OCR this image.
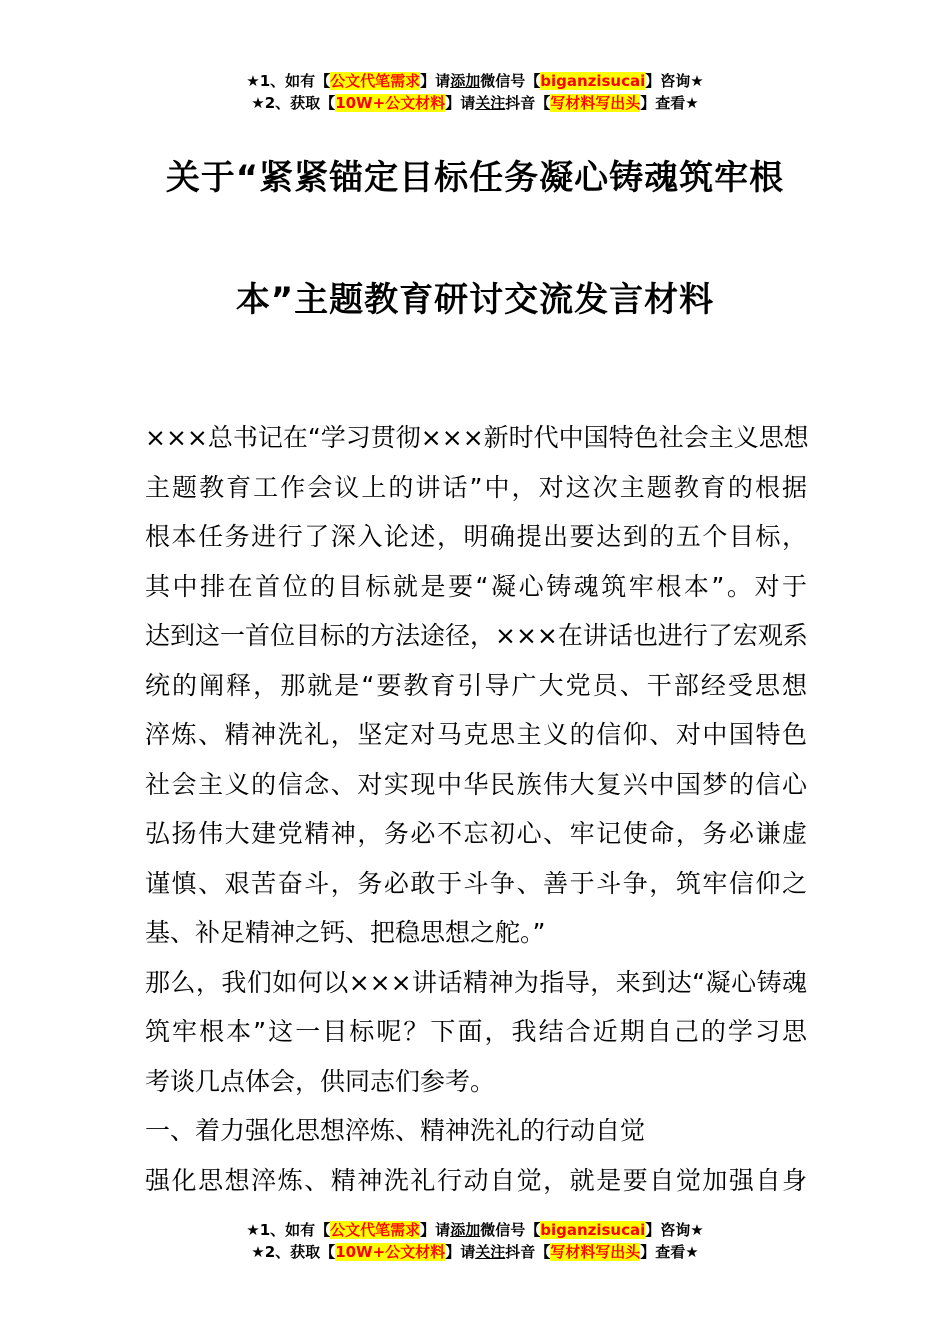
★1、如有【公文代笔需求】请添加微信号【biganzisucai】咨询★
★2、获取【10W+公文材料】请关注抖音【写材料写出头】查看★
关于“紧紧锚定目标任务凝心铸魂筑牢根
本”主题教育研讨交流发言材料
×××总书记在“学习贯彻×××新时代中国特色社会主义思想
主题教育工作会议上的讲话”中，对这次主题教育的根据
根本任务进行了深入论述，明确提出要达到的五个目标，
其中排在首位的目标就是要“凝心铸魂筑牢根本”。对于
达到这一首位目标的方法途径，×××在讲话也进行了宏观系
统的阐释，那就是“要教育引导广大党员、干部经受思想
淬炼、精神洗礼，坚定对马克思主义的信仰、对中国特色
社会主义的信念、对实现中华民族伟大复兴中国梦的信心
弘扬伟大建党精神，务必不忘初心、牢记使命，务必谦虚
谨慎、艰苦奋斗，务必敢于斗争、善于斗争，筑牢信仰之
基、补足精神之钙、把稳思想之舵。”
那么，我们如何以×××讲话精神为指导，来到达“凝心铸魂
筑牢根本”这一目标呢？下面，我结合近期自己的学习思
考谈几点体会，供同志们参考。
一、着力强化思想淬炼、精神洗礼的行动自觉
强化思想淬炼、精神洗礼行动自觉，就是要自觉加强自身
★1、如有【公文代笔需求】请添加微信号【biganzisucai】咨询★
★2、获取【10W+公文材料】请关注抖音【写材料写出头】查看★
